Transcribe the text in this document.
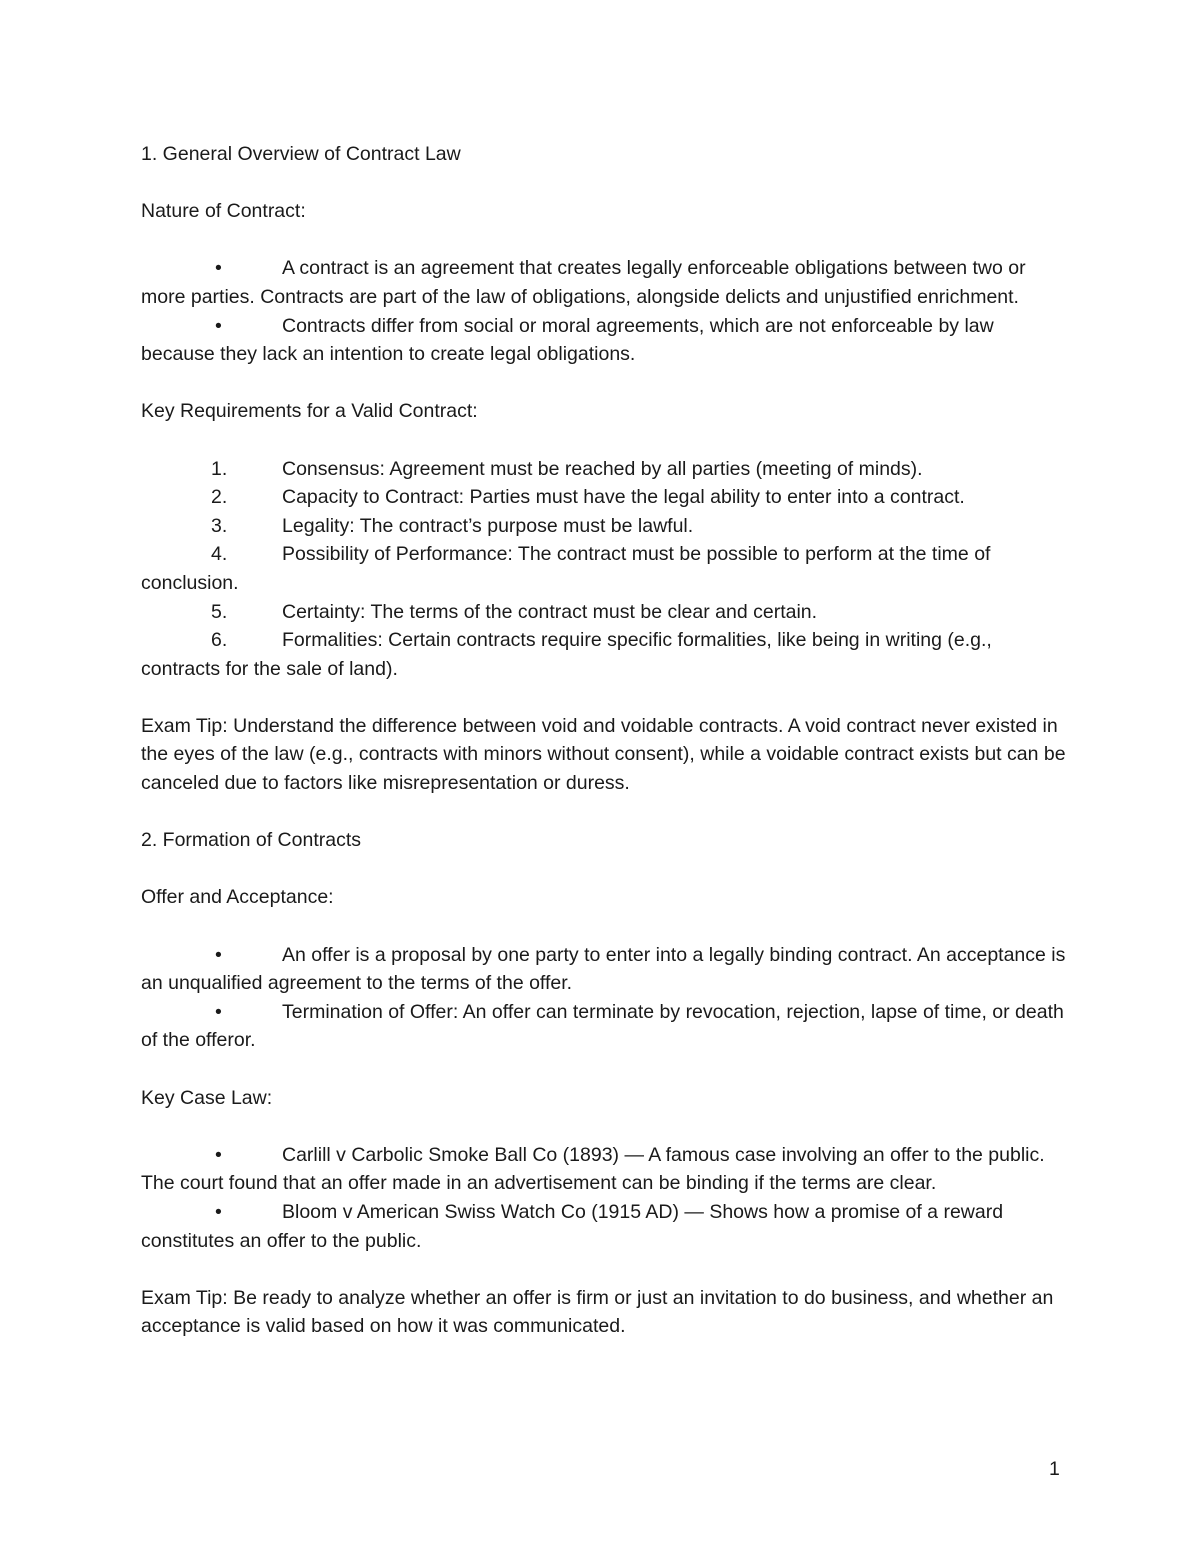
1. General Overview of Contract Law

Nature of Contract:

•	A contract is an agreement that creates legally enforceable obligations between two or more parties. Contracts are part of the law of obligations, alongside delicts and unjustified enrichment.

•	Contracts differ from social or moral agreements, which are not enforceable by law because they lack an intention to create legal obligations.

Key Requirements for a Valid Contract:

1.	Consensus: Agreement must be reached by all parties (meeting of minds).

2.	Capacity to Contract: Parties must have the legal ability to enter into a contract.

3.	Legality: The contract’s purpose must be lawful.

4.	Possibility of Performance: The contract must be possible to perform at the time of conclusion.

5.	Certainty: The terms of the contract must be clear and certain.

6.	Formalities: Certain contracts require specific formalities, like being in writing (e.g., contracts for the sale of land).

Exam Tip: Understand the difference between void and voidable contracts. A void contract never existed in the eyes of the law (e.g., contracts with minors without consent), while a voidable contract exists but can be canceled due to factors like misrepresentation or duress.

2. Formation of Contracts

Offer and Acceptance:

•	An offer is a proposal by one party to enter into a legally binding contract. An acceptance is an unqualified agreement to the terms of the offer.

•	Termination of Offer: An offer can terminate by revocation, rejection, lapse of time, or death of the offeror.

Key Case Law:

•	Carlill v Carbolic Smoke Ball Co (1893) — A famous case involving an offer to the public. The court found that an offer made in an advertisement can be binding if the terms are clear.

•	Bloom v American Swiss Watch Co (1915 AD) — Shows how a promise of a reward constitutes an offer to the public.

Exam Tip: Be ready to analyze whether an offer is firm or just an invitation to do business, and whether an acceptance is valid based on how it was communicated.

1
